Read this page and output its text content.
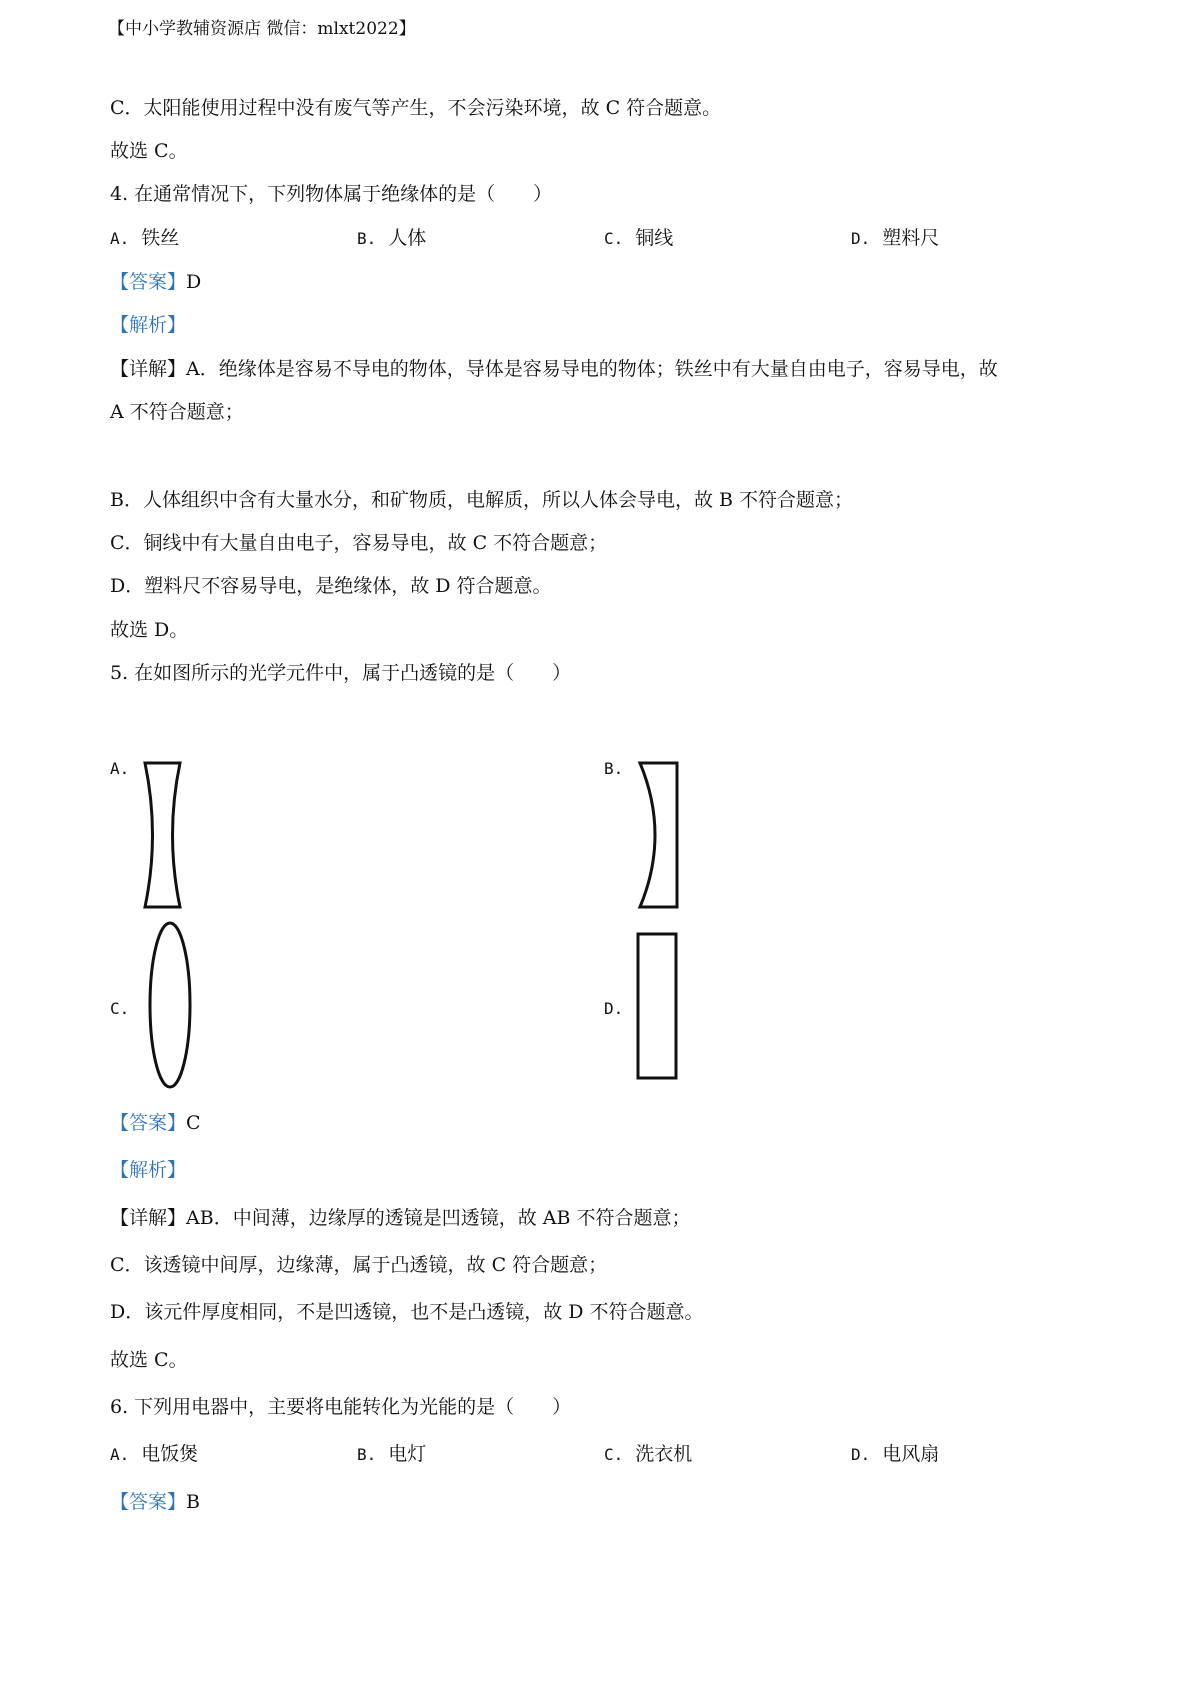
【中小学教辅资源店 微信：mlxt2022】
C．太阳能使用过程中没有废气等产生，不会污染环境，故 C 符合题意。
故选 C。
4. 在通常情况下，下列物体属于绝缘体的是（　　）
A. 铁丝	B. 人体	C. 铜线	D. 塑料尺
【答案】D
【解析】
【详解】A．绝缘体是容易不导电的物体，导体是容易导电的物体；铁丝中有大量自由电子，容易导电，故
A 不符合题意；
B．人体组织中含有大量水分，和矿物质，电解质，所以人体会导电，故 B 不符合题意；
C．铜线中有大量自由电子，容易导电，故 C 不符合题意；
D．塑料尺不容易导电，是绝缘体，故 D 符合题意。
故选 D。
5. 在如图所示的光学元件中，属于凸透镜的是（　　）
A.	B.
C.	D.
【答案】C
【解析】
【详解】AB．中间薄，边缘厚的透镜是凹透镜，故 AB 不符合题意；
C．该透镜中间厚，边缘薄，属于凸透镜，故 C 符合题意；
D．该元件厚度相同，不是凹透镜，也不是凸透镜，故 D 不符合题意。
故选 C。
6. 下列用电器中，主要将电能转化为光能的是（　　）
A. 电饭煲	B. 电灯	C. 洗衣机	D. 电风扇
【答案】B
